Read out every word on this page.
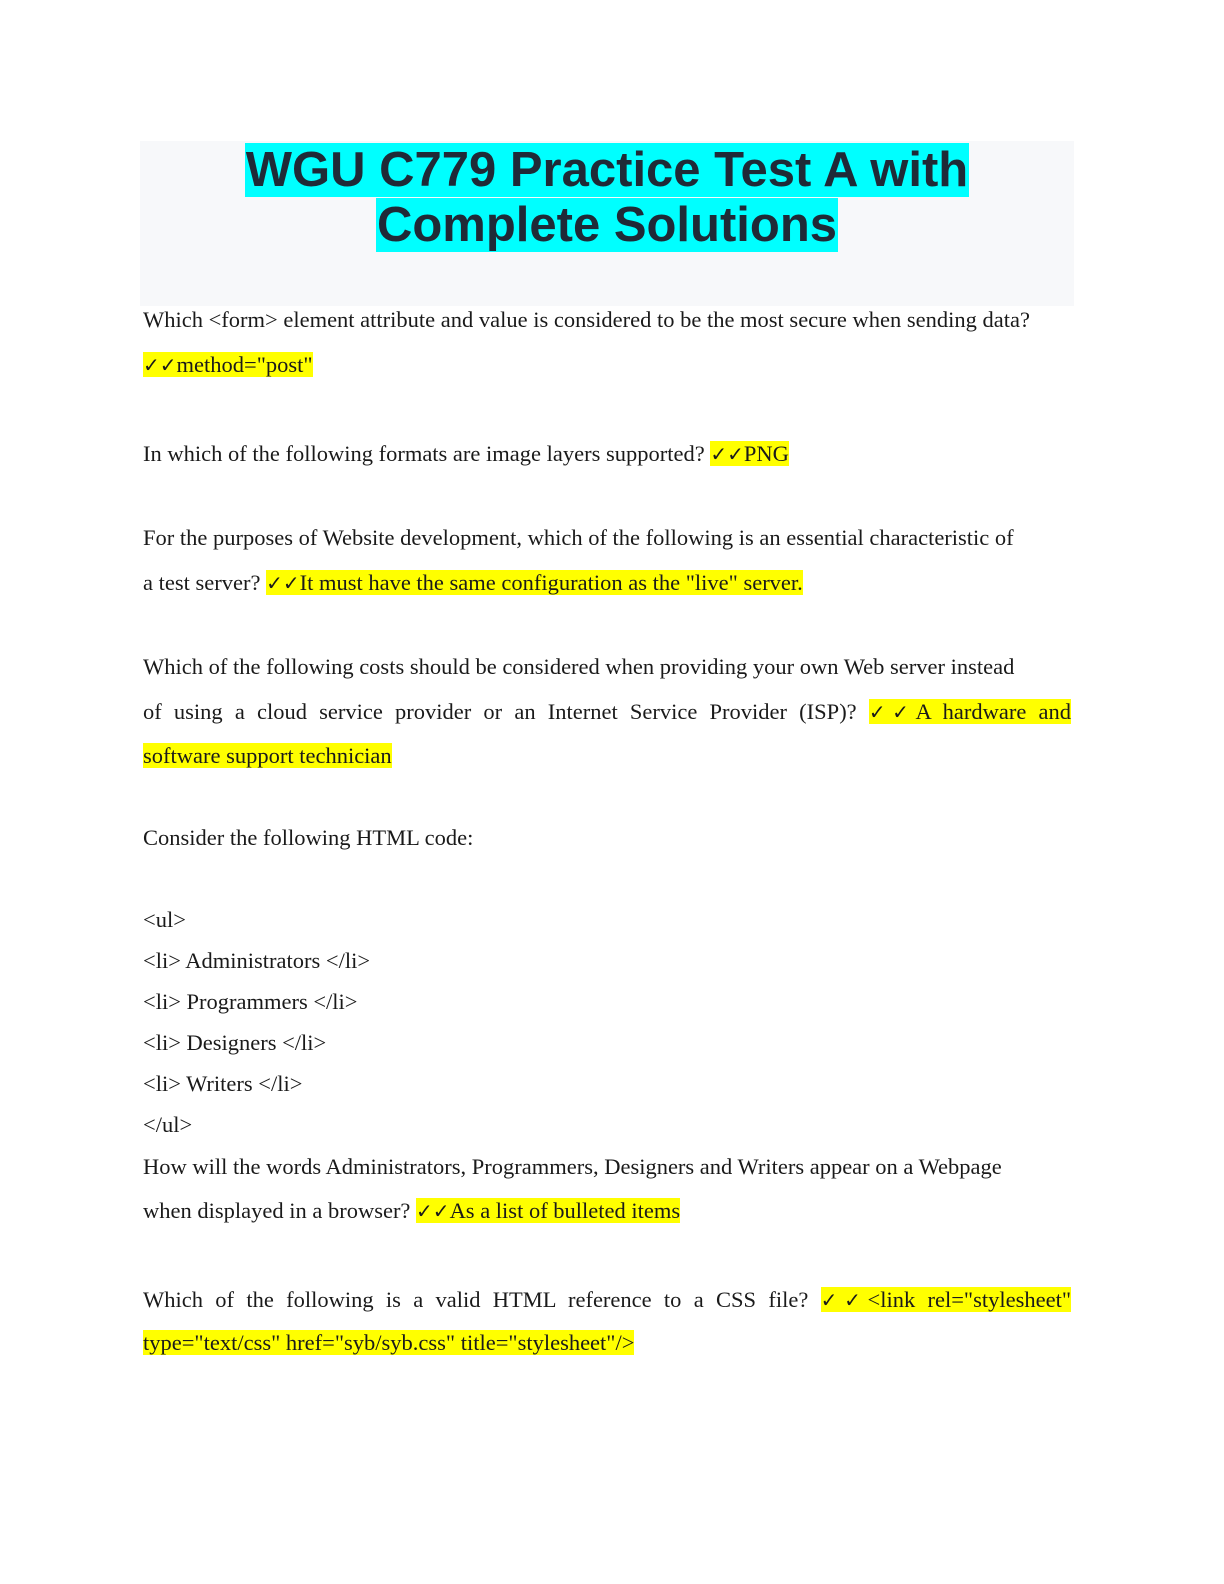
WGU C779 Practice Test A with
Complete Solutions
Which <form> element attribute and value is considered to be the most secure when sending data?
✓✓method="post"
In which of the following formats are image layers supported? ✓✓PNG
For the purposes of Website development, which of the following is an essential characteristic of
a test server? ✓✓It must have the same configuration as the "live" server.
Which of the following costs should be considered when providing your own Web server instead
of using a cloud service provider or an Internet Service Provider (ISP)? ✓✓A hardware and
software support technician
Consider the following HTML code:
<ul>
<li> Administrators </li>
<li> Programmers </li>
<li> Designers </li>
<li> Writers </li>
</ul>
How will the words Administrators, Programmers, Designers and Writers appear on a Webpage
when displayed in a browser? ✓✓As a list of bulleted items
Which of the following is a valid HTML reference to a CSS file? ✓✓<link rel="stylesheet"
type="text/css" href="syb/syb.css" title="stylesheet"/>
